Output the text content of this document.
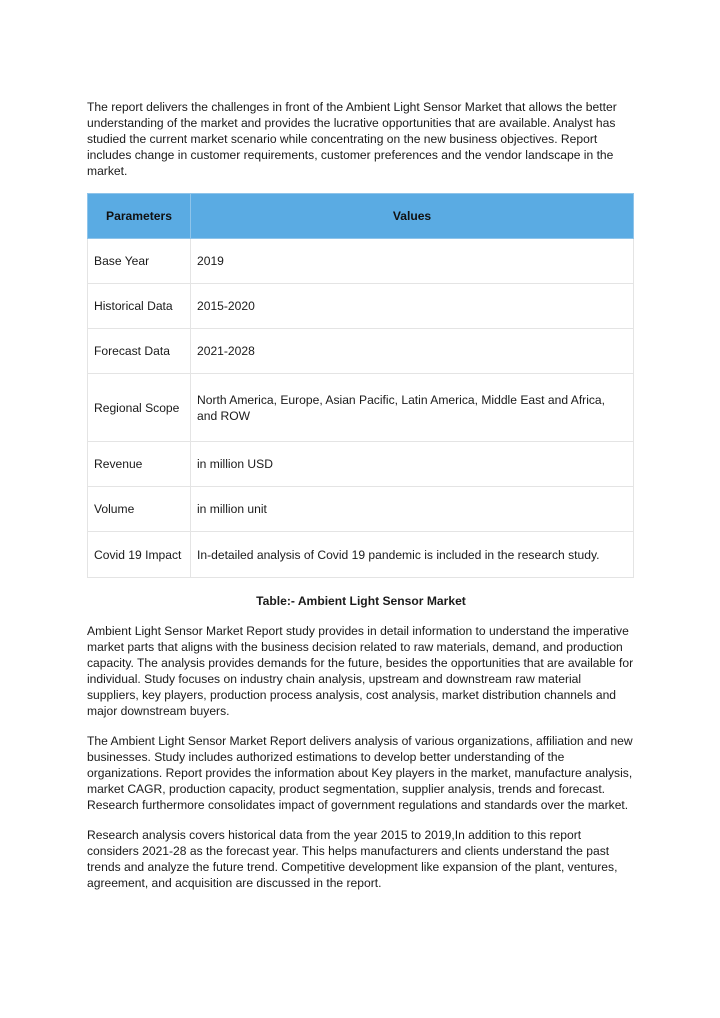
The report delivers the challenges in front of the Ambient Light Sensor Market that allows the better understanding of the market and provides the lucrative opportunities that are available. Analyst has studied the current market scenario while concentrating on the new business objectives. Report includes change in customer requirements, customer preferences and the vendor landscape in the market.

Parameters	Values
Base Year	2019
Historical Data	2015-2020
Forecast Data	2021-2028
Regional Scope	North America, Europe, Asian Pacific, Latin America, Middle East and Africa, and ROW
Revenue	in million USD
Volume	in million unit
Covid 19 Impact	In-detailed analysis of Covid 19 pandemic is included in the research study.

Table:- Ambient Light Sensor Market

Ambient Light Sensor Market Report study provides in detail information to understand the imperative market parts that aligns with the business decision related to raw materials, demand, and production capacity. The analysis provides demands for the future, besides the opportunities that are available for individual. Study focuses on industry chain analysis, upstream and downstream raw material suppliers, key players, production process analysis, cost analysis, market distribution channels and major downstream buyers.

The Ambient Light Sensor Market Report delivers analysis of various organizations, affiliation and new businesses. Study includes authorized estimations to develop better understanding of the organizations. Report provides the information about Key players in the market, manufacture analysis, market CAGR, production capacity, product segmentation, supplier analysis, trends and forecast. Research furthermore consolidates impact of government regulations and standards over the market.

Research analysis covers historical data from the year 2015 to 2019,In addition to this report considers 2021-28 as the forecast year. This helps manufacturers and clients understand the past trends and analyze the future trend. Competitive development like expansion of the plant, ventures, agreement, and acquisition are discussed in the report.
